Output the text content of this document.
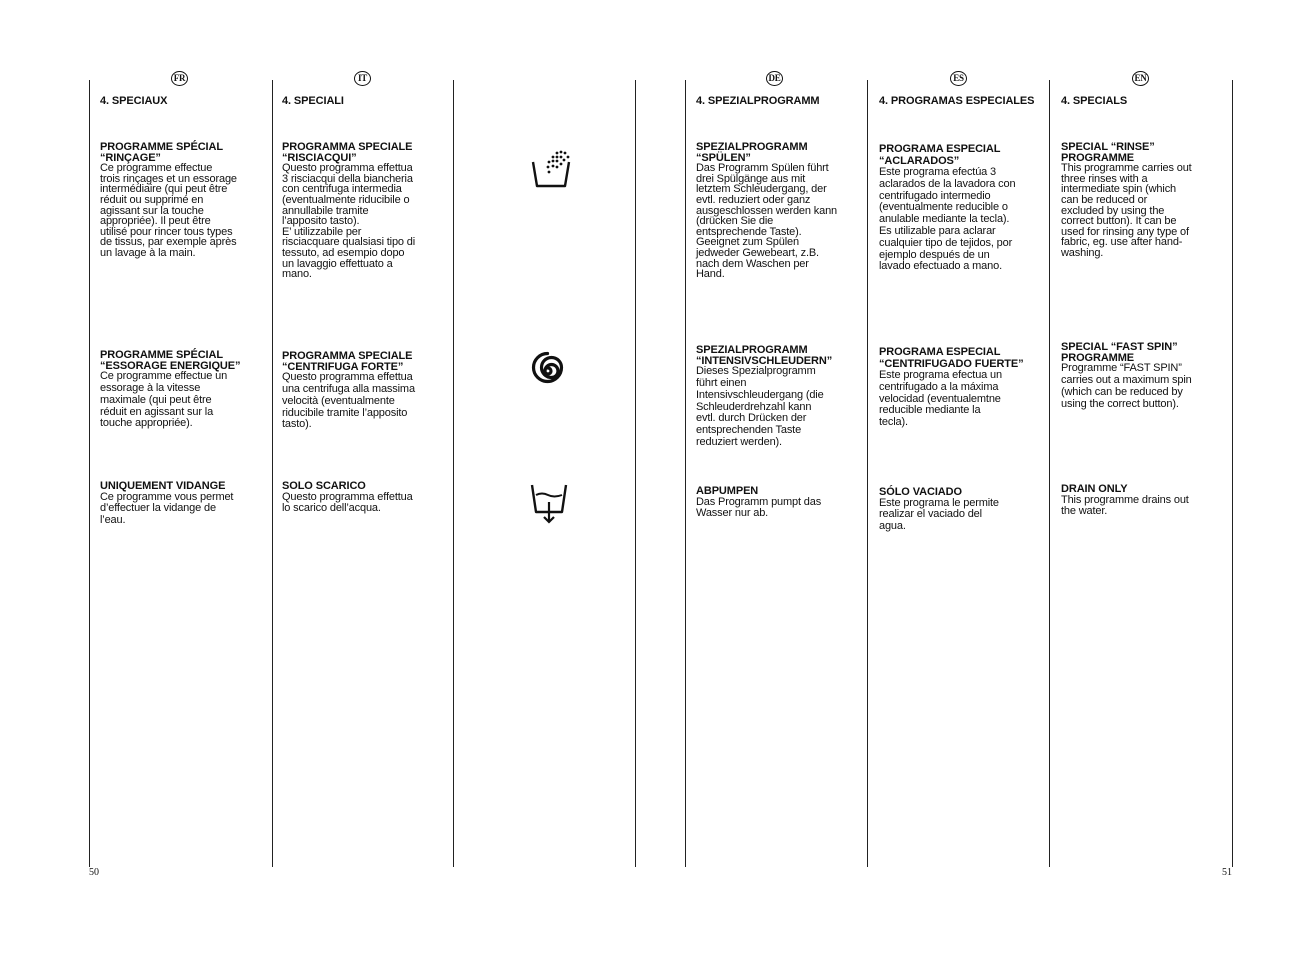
FR	IT	DE	ES	EN
4. SPECIAUX
PROGRAMME SPÉCIAL
“RINÇAGE”
Ce programme effectue
trois rinçages et un essorage
intermédiaire (qui peut être
réduit ou supprimé en
agissant sur la touche
appropriée). Il peut être
utilisé pour rincer tous types
de tissus, par exemple après
un lavage à la main.
PROGRAMME SPÉCIAL
“ESSORAGE ENERGIQUE”
Ce programme effectue un
essorage à la vitesse
maximale (qui peut être
réduit en agissant sur la
touche appropriée).
UNIQUEMENT VIDANGE
Ce programme vous permet
d’effectuer la vidange de
l’eau.
4. SPECIALI
PROGRAMMA SPECIALE
“RISCIACQUI”
Questo programma effettua
3 risciacqui della biancheria
con centrifuga intermedia
(eventualmente riducibile o
annullabile tramite
l’apposito tasto).
E’ utilizzabile per
risciacquare qualsiasi tipo di
tessuto, ad esempio dopo
un lavaggio effettuato a
mano.
PROGRAMMA SPECIALE
“CENTRIFUGA FORTE”
Questo programma effettua
una centrifuga alla massima
velocità (eventualmente
riducibile tramite l’apposito
tasto).
SOLO SCARICO
Questo programma effettua
lo scarico dell’acqua.
4. SPEZIALPROGRAMM
SPEZIALPROGRAMM “SPÜLEN”
Das Programm Spülen führt
drei Spülgänge aus mit
letztem Schleudergang, der
evtl. reduziert oder ganz
ausgeschlossen werden kann
(drücken Sie die
entsprechende Taste).
Geeignet zum Spülen
jedweder Gewebeart, z.B.
nach dem Waschen per
Hand.
SPEZIALPROGRAMM
“INTENSIVSCHLEUDERN”
Dieses Spezialprogramm
führt einen
Intensivschleudergang (die
Schleuderdrehzahl kann
evtl. durch Drücken der
entsprechenden Taste
reduziert werden).
ABPUMPEN
Das Programm pumpt das
Wasser nur ab.
4. PROGRAMAS ESPECIALES
PROGRAMA ESPECIAL
“ACLARADOS”
Este programa efectúa 3
aclarados de la lavadora con
centrifugado intermedio
(eventualmente reducible o
anulable mediante la tecla).
Es utilizable para aclarar
cualquier tipo de tejidos, por
ejemplo después de un
lavado efectuado a mano.
PROGRAMA ESPECIAL
“CENTRIFUGADO FUERTE”
Este programa efectua un
centrifugado a la máxima
velocidad (eventualemtne
reducible mediante la
tecla).
SÓLO VACIADO
Este programa le permite
realizar el vaciado del
agua.
4. SPECIALS
SPECIAL “RINSE”
PROGRAMME
This programme carries out
three rinses with a
intermediate spin (which
can be reduced or
excluded by using the
correct button). It can be
used for rinsing any type of
fabric, eg. use after hand-
washing.
SPECIAL “FAST SPIN”
PROGRAMME
Programme “FAST SPIN”
carries out a maximum spin
(which can be reduced by
using the correct button).
DRAIN ONLY
This programme drains out
the water.
50	51
